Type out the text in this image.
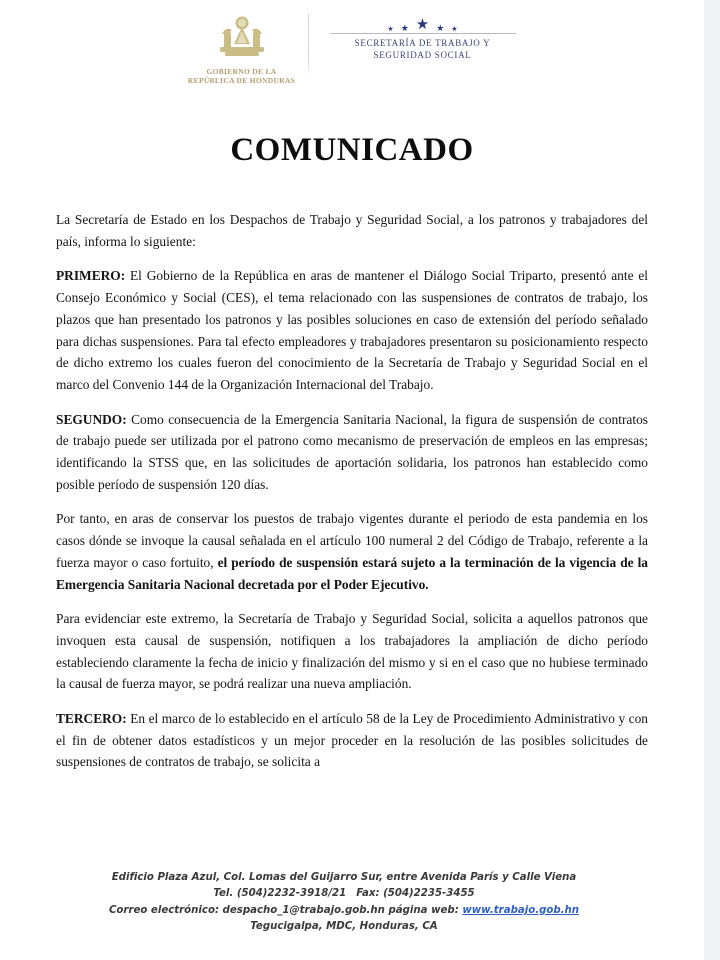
GOBIERNO DE LA
REPÚBLICA DE HONDURAS
★ ★ ★ ★ ★
SECRETARÍA DE TRABAJO Y
SEGURIDAD SOCIAL
COMUNICADO

La Secretaría de Estado en los Despachos de Trabajo y Seguridad Social, a los patronos y trabajadores del país, informa lo siguiente:

PRIMERO: El Gobierno de la República en aras de mantener el Diálogo Social Triparto, presentó ante el Consejo Económico y Social (CES), el tema relacionado con las suspensiones de contratos de trabajo, los plazos que han presentado los patronos y las posibles soluciones en caso de extensión del período señalado para dichas suspensiones. Para tal efecto empleadores y trabajadores presentaron su posicionamiento respecto de dicho extremo los cuales fueron del conocimiento de la Secretaría de Trabajo y Seguridad Social en el marco del Convenio 144 de la Organización Internacional del Trabajo.

SEGUNDO: Como consecuencia de la Emergencia Sanitaria Nacional, la figura de suspensión de contratos de trabajo puede ser utilizada por el patrono como mecanismo de preservación de empleos en las empresas; identificando la STSS que, en las solicitudes de aportación solidaria, los patronos han establecido como posible período de suspensión 120 días.

Por tanto, en aras de conservar los puestos de trabajo vigentes durante el periodo de esta pandemia en los casos dónde se invoque la causal señalada en el artículo 100 numeral 2 del Código de Trabajo, referente a la fuerza mayor o caso fortuito, el período de suspensión estará sujeto a la terminación de la vigencia de la Emergencia Sanitaria Nacional decretada por el Poder Ejecutivo.

Para evidenciar este extremo, la Secretaría de Trabajo y Seguridad Social, solicita a aquellos patronos que invoquen esta causal de suspensión, notifiquen a los trabajadores la ampliación de dicho período estableciendo claramente la fecha de inicio y finalización del mismo y si en el caso que no hubiese terminado la causal de fuerza mayor, se podrá realizar una nueva ampliación.

TERCERO: En el marco de lo establecido en el artículo 58 de la Ley de Procedimiento Administrativo y con el fin de obtener datos estadísticos y un mejor proceder en la resolución de las posibles solicitudes de suspensiones de contratos de trabajo, se solicita a

Edificio Plaza Azul, Col. Lomas del Guijarro Sur, entre Avenida París y Calle Viena
Tel. (504)2232-3918/21 Fax: (504)2235-3455
Correo electrónico: despacho_1@trabajo.gob.hn página web: www.trabajo.gob.hn
Tegucigalpa, MDC, Honduras, CA
